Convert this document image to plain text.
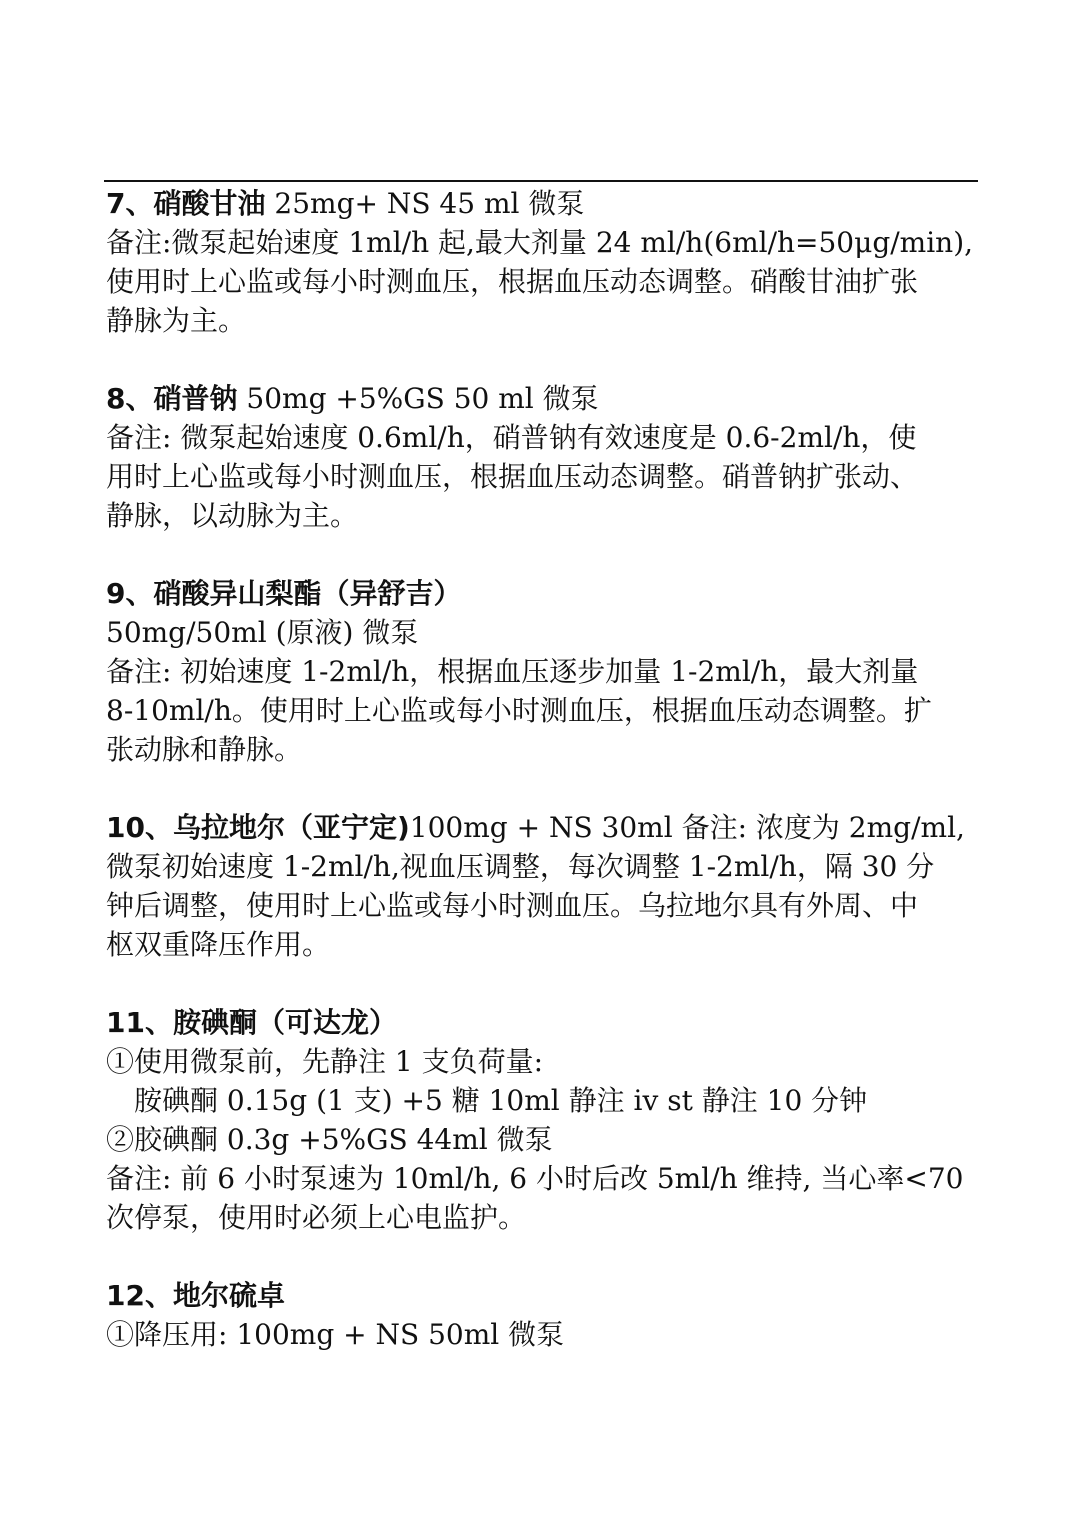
7、硝酸甘油 25mg+ NS 45 ml 微泵
备注:微泵起始速度 1ml/h 起,最大剂量 24 ml/h(6ml/h=50μg/min),
使用时上心监或每小时测血压，根据血压动态调整。硝酸甘油扩张
静脉为主。
8、硝普钠 50mg +5%GS 50 ml 微泵
备注: 微泵起始速度 0.6ml/h，硝普钠有效速度是 0.6-2ml/h，使
用时上心监或每小时测血压，根据血压动态调整。硝普钠扩张动、
静脉，以动脉为主。
9、硝酸异山梨酯（异舒吉）
50mg/50ml (原液) 微泵
备注: 初始速度 1-2ml/h，根据血压逐步加量 1-2ml/h，最大剂量
8-10ml/h。使用时上心监或每小时测血压，根据血压动态调整。扩
张动脉和静脉。
10、乌拉地尔（亚宁定)100mg + NS 30ml 备注: 浓度为 2mg/ml,
微泵初始速度 1-2ml/h,视血压调整，每次调整 1-2ml/h，隔 30 分
钟后调整，使用时上心监或每小时测血压。乌拉地尔具有外周、中
枢双重降压作用。
11、胺碘酮（可达龙）
①使用微泵前，先静注 1 支负荷量:
胺碘酮 0.15g (1 支) +5 糖 10ml 静注 iv st 静注 10 分钟
②胶碘酮 0.3g +5%GS 44ml 微泵
备注: 前 6 小时泵速为 10ml/h, 6 小时后改 5ml/h 维持, 当心率<70
次停泵，使用时必须上心电监护。
12、地尔硫卓
①降压用: 100mg + NS 50ml 微泵
